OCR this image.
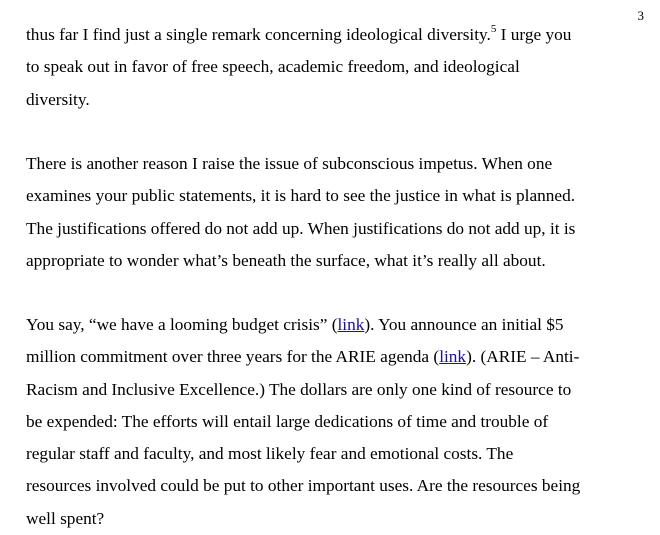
3
thus far I find just a single remark concerning ideological diversity.$^5$ I urge you
to speak out in favor of free speech, academic freedom, and ideological
diversity.
There is another reason I raise the issue of subconscious impetus. When one
examines your public statements, it is hard to see the justice in what is planned.
The justifications offered do not add up. When justifications do not add up, it is
appropriate to wonder what’s beneath the surface, what it’s really all about.
You say, “we have a looming budget crisis” (link). You announce an initial $5
million commitment over three years for the ARIE agenda (link). (ARIE – Anti-
Racism and Inclusive Excellence.) The dollars are only one kind of resource to
be expended: The efforts will entail large dedications of time and trouble of
regular staff and faculty, and most likely fear and emotional costs. The
resources involved could be put to other important uses. Are the resources being
well spent?
